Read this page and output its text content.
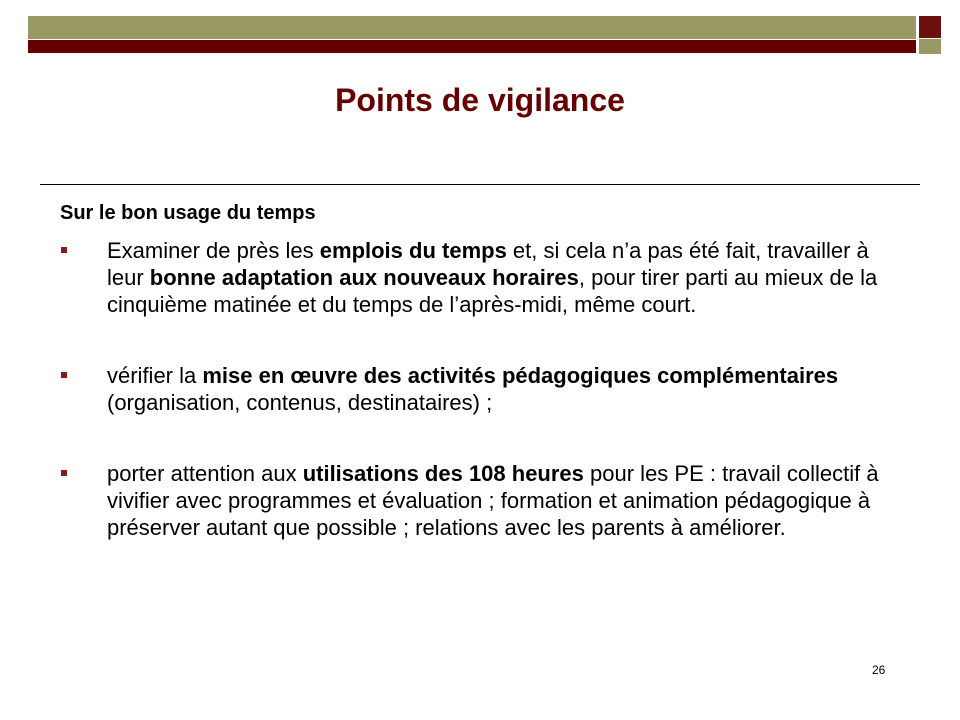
Points de vigilance
Sur le bon usage du temps
Examiner de près les emplois du temps et, si cela n’a pas été fait, travailler à leur bonne adaptation aux nouveaux horaires, pour tirer parti au mieux de la cinquième matinée et du temps de l’après-midi, même court.
vérifier la mise en œuvre des activités pédagogiques complémentaires (organisation, contenus, destinataires) ;
porter attention aux utilisations des 108 heures pour les PE : travail collectif à vivifier avec programmes et évaluation ; formation et animation pédagogique à préserver autant que possible ; relations avec les parents à améliorer.
26
